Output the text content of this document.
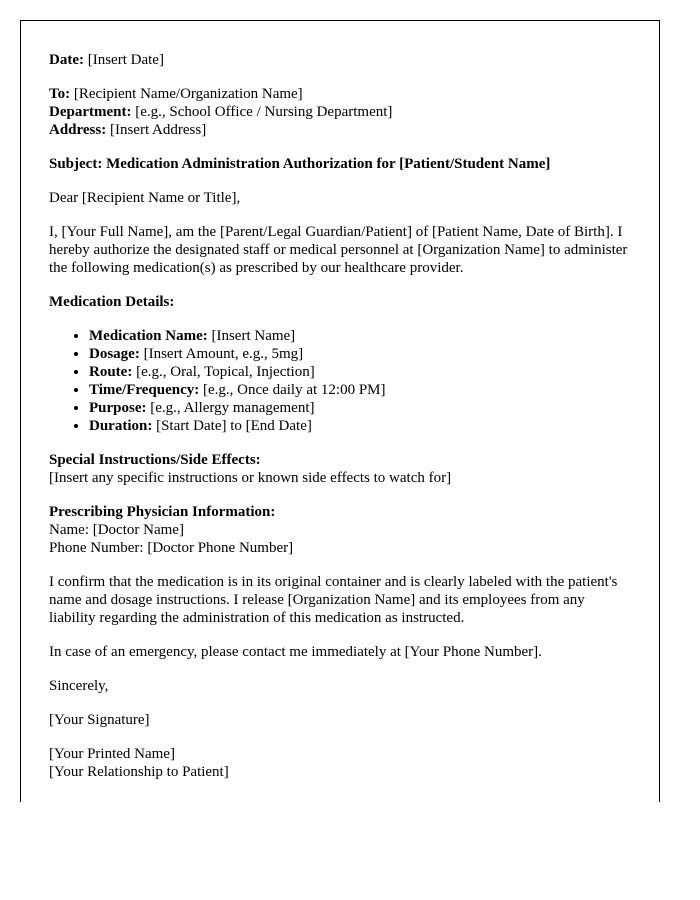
Date: [Insert Date]

To: [Recipient Name/Organization Name]

Department: [e.g., School Office / Nursing Department]

Address: [Insert Address]

Subject: Medication Administration Authorization for [Patient/Student Name]

Dear [Recipient Name or Title],

I, [Your Full Name], am the [Parent/Legal Guardian/Patient] of [Patient Name, Date of Birth]. I hereby authorize the designated staff or medical personnel at [Organization Name] to administer the following medication(s) as prescribed by our healthcare provider.

Medication Details:

• Medication Name: [Insert Name]
• Dosage: [Insert Amount, e.g., 5mg]
• Route: [e.g., Oral, Topical, Injection]
• Time/Frequency: [e.g., Once daily at 12:00 PM]
• Purpose: [e.g., Allergy management]
• Duration: [Start Date] to [End Date]

Special Instructions/Side Effects:

[Insert any specific instructions or known side effects to watch for]

Prescribing Physician Information:

Name: [Doctor Name]

Phone Number: [Doctor Phone Number]

I confirm that the medication is in its original container and is clearly labeled with the patient's name and dosage instructions. I release [Organization Name] and its employees from any liability regarding the administration of this medication as instructed.

In case of an emergency, please contact me immediately at [Your Phone Number].

Sincerely,

[Your Signature]

[Your Printed Name]

[Your Relationship to Patient]
